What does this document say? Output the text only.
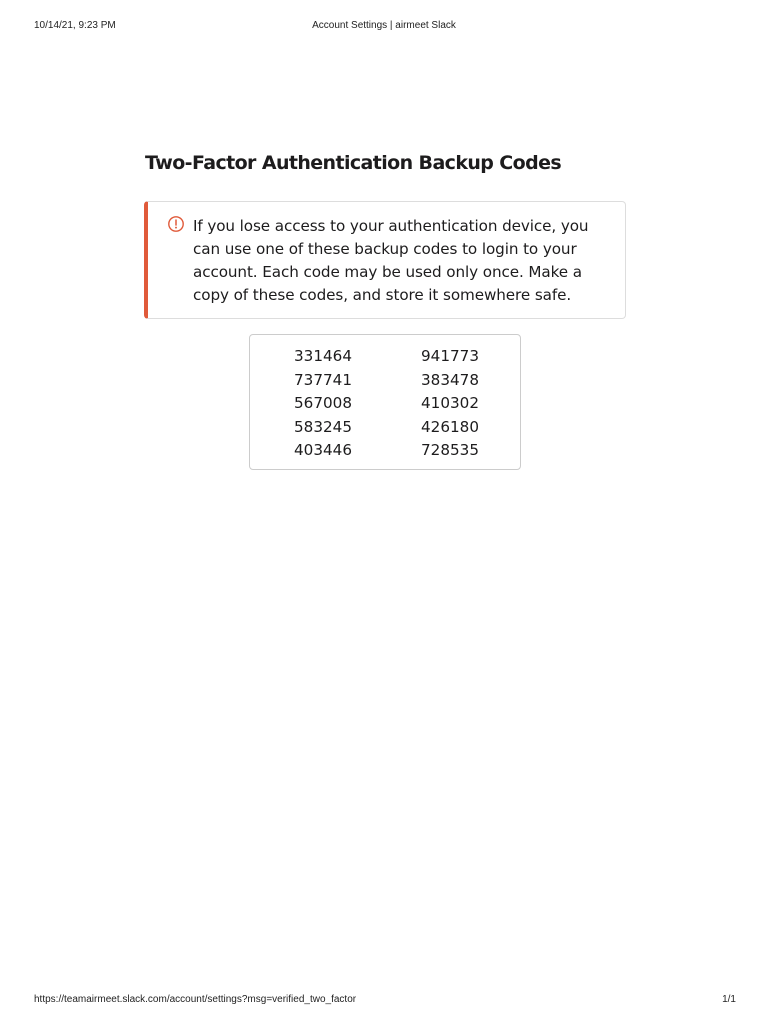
10/14/21, 9:23 PM	Account Settings | airmeet Slack
Two-Factor Authentication Backup Codes

If you lose access to your authentication device, you can use one of these backup codes to login to your account. Each code may be used only once. Make a copy of these codes, and store it somewhere safe.

331464	941773
737741	383478
567008	410302
583245	426180
403446	728535
https://teamairmeet.slack.com/account/settings?msg=verified_two_factor	1/1
